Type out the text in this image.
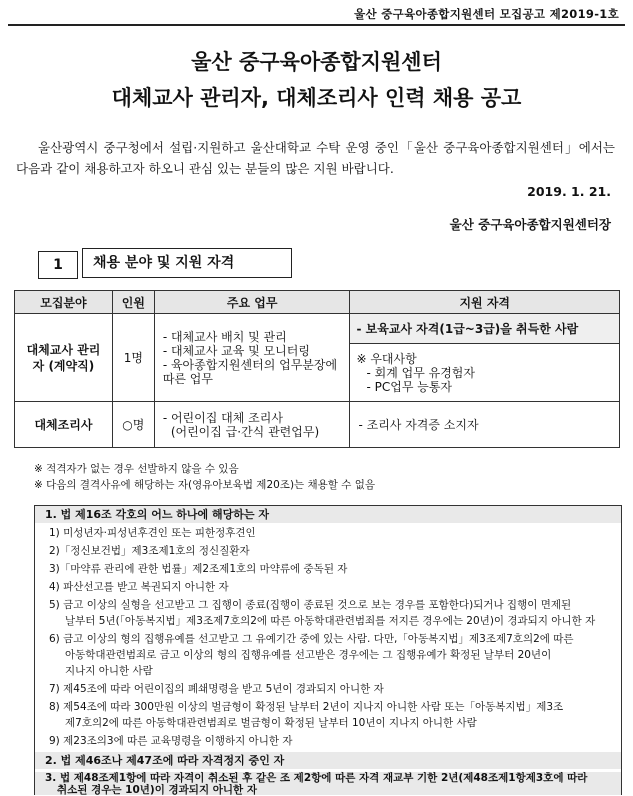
울산 중구육아종합지원센터 모집공고 제2019-1호
울산 중구육아종합지원센터
대체교사 관리자, 대체조리사 인력 채용 공고
울산광역시 중구청에서 설립·지원하고 울산대학교 수탁 운영 중인「울산 중구육아종합지원센터」에서는 다음과 같이 채용하고자 하오니 관심 있는 분들의 많은 지원 바랍니다.
2019. 1. 21.
울산 중구육아종합지원센터장
1	채용 분야 및 지원 자격
모집분야	인원	주요 업무	지원 자격
대체교사 관리자 (계약직)	1명	- 대체교사 배치 및 관리
- 대체교사 교육 및 모니터링
- 육아종합지원센터의 업무분장에 따른 업무	- 보육교사 자격(1급~3급)을 취득한 사람

			※ 우대사항
- 회계 업무 유경험자
- PC업무 능통자

대체조리사	○명	- 어린이집 대체 조리사
(어린이집 급·간식 관련업무)	- 조리사 자격증 소지자
※ 적격자가 없는 경우 선발하지 않을 수 있음
※ 다음의 결격사유에 해당하는 자(영유아보육법 제20조)는 채용할 수 없음
1. 법 제16조 각호의 어느 하나에 해당하는 자
1) 미성년자·피성년후견인 또는 피한정후견인
2)「정신보건법」제3조제1호의 정신질환자
3)「마약류 관리에 관한 법률」제2조제1호의 마약류에 중독된 자
4) 파산선고를 받고 복권되지 아니한 자
5) 금고 이상의 실형을 선고받고 그 집행이 종료(집행이 종료된 것으로 보는 경우를 포함한다)되거나 집행이 면제된
날부터 5년(「아동복지법」제3조제7호의2에 따른 아동학대관련범죄를 저지른 경우에는 20년)이 경과되지 아니한 자
6) 금고 이상의 형의 집행유예를 선고받고 그 유예기간 중에 있는 사람. 다만,「아동복지법」제3조제7호의2에 따른
아동학대관련범죄로 금고 이상의 형의 집행유예를 선고받은 경우에는 그 집행유예가 확정된 날부터 20년이
지나지 아니한 사람
7) 제45조에 따라 어린이집의 폐쇄명령을 받고 5년이 경과되지 아니한 자
8) 제54조에 따라 300만원 이상의 벌금형이 확정된 날부터 2년이 지나지 아니한 사람 또는「아동복지법」제3조
제7호의2에 따른 아동학대관련범죄로 벌금형이 확정된 날부터 10년이 지나지 아니한 사람
9) 제23조의3에 따른 교육명령을 이행하지 아니한 자
2. 법 제46조나 제47조에 따라 자격정지 중인 자
3. 법 제48조제1항에 따라 자격이 취소된 후 같은 조 제2항에 따른 자격 재교부 기한 2년(제48조제1항제3호에 따라
취소된 경우는 10년)이 경과되지 아니한 자
